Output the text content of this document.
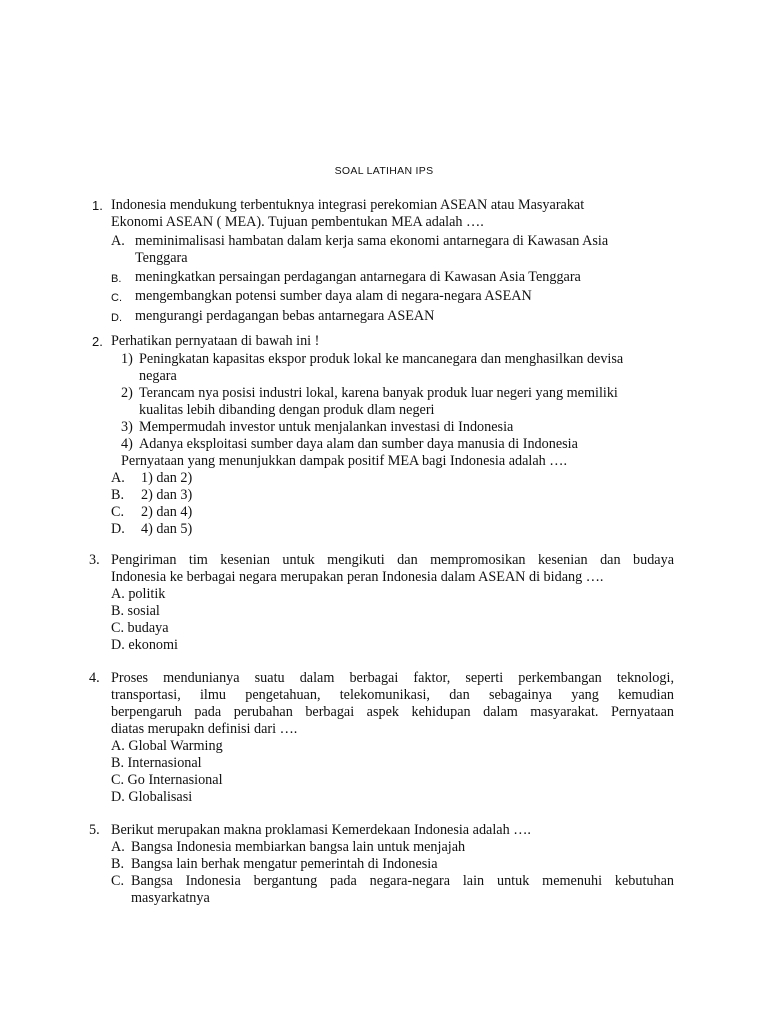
SOAL LATIHAN IPS
1. Indonesia mendukung terbentuknya integrasi perekomian ASEAN atau Masyarakat
Ekonomi ASEAN ( MEA). Tujuan pembentukan MEA adalah ….
A. meminimalisasi hambatan dalam kerja sama ekonomi antarnegara di Kawasan Asia
Tenggara
B. meningkatkan persaingan perdagangan antarnegara di Kawasan Asia Tenggara
C. mengembangkan potensi sumber daya alam di negara-negara ASEAN
D. mengurangi perdagangan bebas antarnegara ASEAN
2. Perhatikan pernyataan di bawah ini !
1) Peningkatan kapasitas ekspor produk lokal ke mancanegara dan menghasilkan devisa
negara
2) Terancam nya posisi industri lokal, karena banyak produk luar negeri yang memiliki
kualitas lebih dibanding dengan produk dlam negeri
3) Mempermudah investor untuk menjalankan investasi di Indonesia
4) Adanya eksploitasi sumber daya alam dan sumber daya manusia di Indonesia
Pernyataan yang menunjukkan dampak positif MEA bagi Indonesia adalah ….
A. 1) dan 2)
B. 2) dan 3)
C. 2) dan 4)
D. 4) dan 5)
3. Pengiriman tim kesenian untuk mengikuti dan mempromosikan kesenian dan budaya
Indonesia ke berbagai negara merupakan peran Indonesia dalam ASEAN di bidang ….
A. politik
B. sosial
C. budaya
D. ekonomi
4. Proses mendunianya suatu dalam berbagai faktor, seperti perkembangan teknologi,
transportasi, ilmu pengetahuan, telekomunikasi, dan sebagainya yang kemudian
berpengaruh pada perubahan berbagai aspek kehidupan dalam masyarakat. Pernyataan
diatas merupakn definisi dari ….
A. Global Warming
B. Internasional
C. Go Internasional
D. Globalisasi
5. Berikut merupakan makna proklamasi Kemerdekaan Indonesia adalah ….
A. Bangsa Indonesia membiarkan bangsa lain untuk menjajah
B. Bangsa lain berhak mengatur pemerintah di Indonesia
C. Bangsa Indonesia bergantung pada negara-negara lain untuk memenuhi kebutuhan
masyarkatnya
